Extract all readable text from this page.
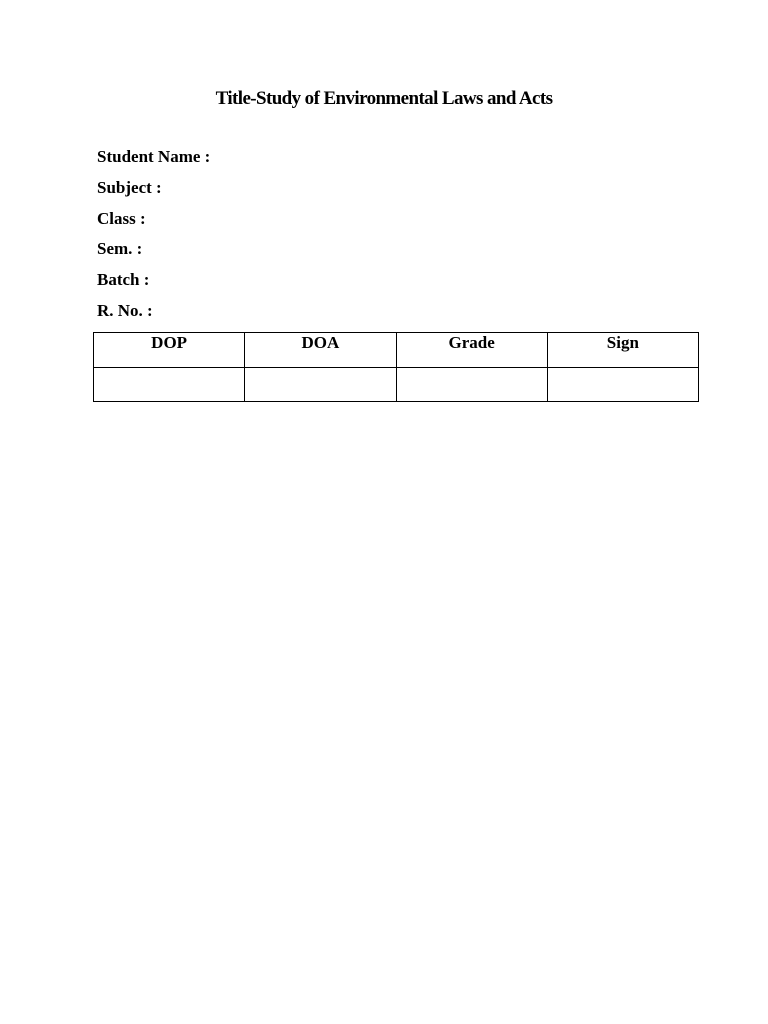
Title-Study of Environmental Laws and Acts
Student Name :
Subject :
Class :
Sem. :
Batch :
R. No. :
DOP	DOA	Grade	Sign
